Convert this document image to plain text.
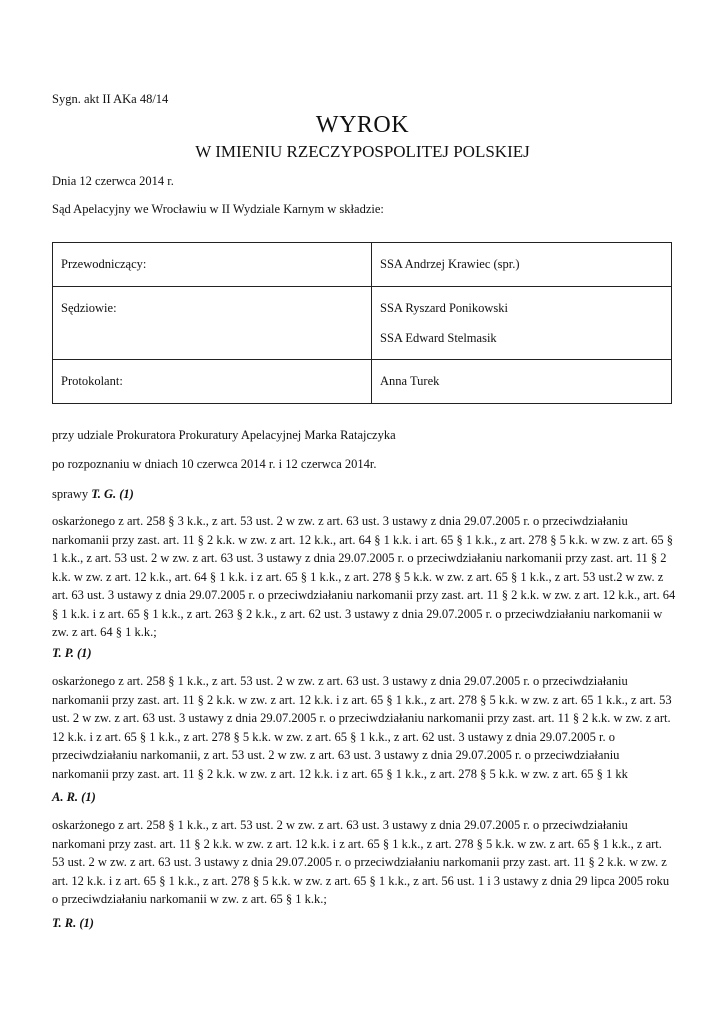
Sygn. akt II AKa 48/14
WYROK
W IMIENIU RZECZYPOSPOLITEJ POLSKIEJ
Dnia 12 czerwca 2014 r.
Sąd Apelacyjny we Wrocławiu w II Wydziale Karnym w składzie:
Przewodniczący:	SSA Andrzej Krawiec (spr.)

Sędziowie:	SSA Ryszard Ponikowski
SSA Edward Stelmasik

Protokolant:	Anna Turek
przy udziale Prokuratora Prokuratury Apelacyjnej Marka Ratajczyka
po rozpoznaniu w dniach 10 czerwca 2014 r. i 12 czerwca 2014r.
sprawy T. G. (1)
oskarżonego z art. 258 § 3 k.k., z art. 53 ust. 2 w zw. z art. 63 ust. 3 ustawy z dnia 29.07.2005 r. o przeciwdziałaniu narkomanii przy zast. art. 11 § 2 k.k. w zw. z art. 12 k.k., art. 64 § 1 k.k. i art. 65 § 1 k.k., z art. 278 § 5 k.k. w zw. z art. 65 § 1 k.k., z art. 53 ust. 2 w zw. z art. 63 ust. 3 ustawy z dnia 29.07.2005 r. o przeciwdziałaniu narkomanii przy zast. art. 11 § 2 k.k. w zw. z art. 12 k.k., art. 64 § 1 k.k. i z art. 65 § 1 k.k., z art. 278 § 5 k.k. w zw. z art. 65 § 1 k.k., z art. 53 ust.2 w zw. z art. 63 ust. 3 ustawy z dnia 29.07.2005 r. o przeciwdziałaniu narkomanii przy zast. art. 11 § 2 k.k. w zw. z art. 12 k.k., art. 64 § 1 k.k. i z art. 65 § 1 k.k., z art. 263 § 2 k.k., z art. 62 ust. 3 ustawy z dnia 29.07.2005 r. o przeciwdziałaniu narkomanii w zw. z art. 64 § 1 k.k.;
T. P. (1)
oskarżonego z art. 258 § 1 k.k., z art. 53 ust. 2 w zw. z art. 63 ust. 3 ustawy z dnia 29.07.2005 r. o przeciwdziałaniu narkomanii przy zast. art. 11 § 2 k.k. w zw. z art. 12 k.k. i z art. 65 § 1 k.k., z art. 278 § 5 k.k. w zw. z art. 65 1 k.k., z art. 53 ust. 2 w zw. z art. 63 ust. 3 ustawy z dnia 29.07.2005 r. o przeciwdziałaniu narkomanii przy zast. art. 11 § 2 k.k. w zw. z art. 12 k.k. i z art. 65 § 1 k.k., z art. 278 § 5 k.k. w zw. z art. 65 § 1 k.k., z art. 62 ust. 3 ustawy z dnia 29.07.2005 r. o przeciwdziałaniu narkomanii, z art. 53 ust. 2 w zw. z art. 63 ust. 3 ustawy z dnia 29.07.2005 r. o przeciwdziałaniu narkomanii przy zast. art. 11 § 2 k.k. w zw. z art. 12 k.k. i z art. 65 § 1 k.k., z art. 278 § 5 k.k. w zw. z art. 65 § 1 kk
A. R. (1)
oskarżonego z art. 258 § 1 k.k., z art. 53 ust. 2 w zw. z art. 63 ust. 3 ustawy z dnia 29.07.2005 r. o przeciwdziałaniu narkomani przy zast. art. 11 § 2 k.k. w zw. z art. 12 k.k. i z art. 65 § 1 k.k., z art. 278 § 5 k.k. w zw. z art. 65 § 1 k.k., z art. 53 ust. 2 w zw. z art. 63 ust. 3 ustawy z dnia 29.07.2005 r. o przeciwdziałaniu narkomanii przy zast. art. 11 § 2 k.k. w zw. z art. 12 k.k. i z art. 65 § 1 k.k., z art. 278 § 5 k.k. w zw. z art. 65 § 1 k.k., z art. 56 ust. 1 i 3 ustawy z dnia 29 lipca 2005 roku o przeciwdziałaniu narkomanii w zw. z art. 65 § 1 k.k.;
T. R. (1)
